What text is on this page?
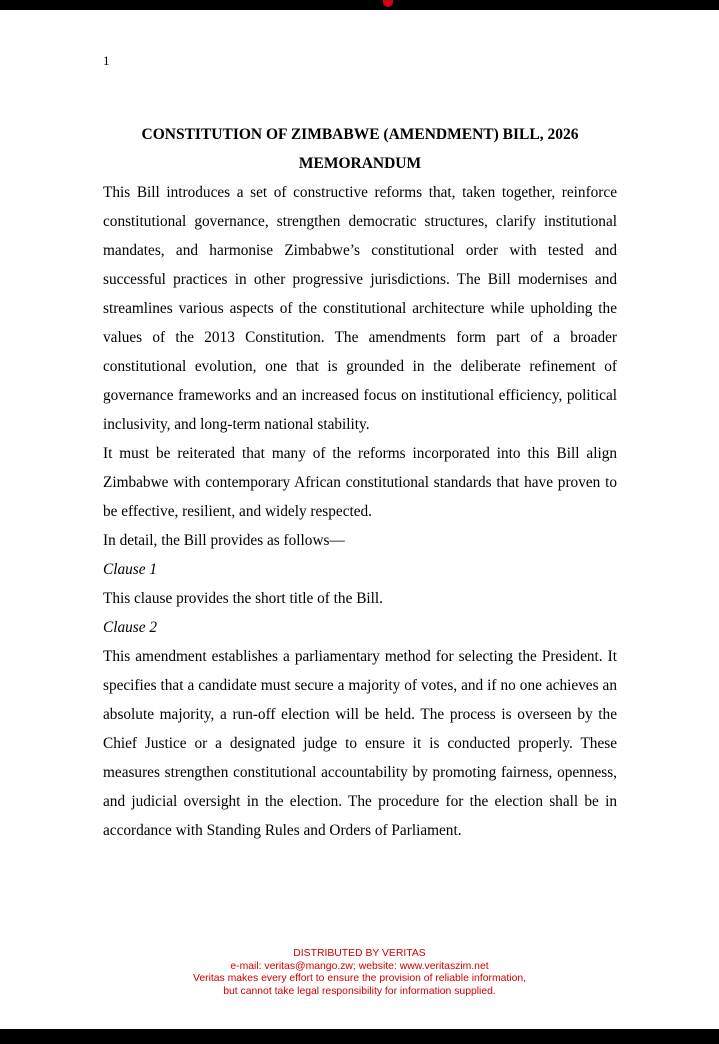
1

CONSTITUTION OF ZIMBABWE (AMENDMENT) BILL, 2026

MEMORANDUM

This Bill introduces a set of constructive reforms that, taken together, reinforce constitutional governance, strengthen democratic structures, clarify institutional mandates, and harmonise Zimbabwe’s constitutional order with tested and successful practices in other progressive jurisdictions. The Bill modernises and streamlines various aspects of the constitutional architecture while upholding the values of the 2013 Constitution. The amendments form part of a broader constitutional evolution, one that is grounded in the deliberate refinement of governance frameworks and an increased focus on institutional efficiency, political inclusivity, and long-term national stability.

It must be reiterated that many of the reforms incorporated into this Bill align Zimbabwe with contemporary African constitutional standards that have proven to be effective, resilient, and widely respected.

In detail, the Bill provides as follows—

Clause 1

This clause provides the short title of the Bill.

Clause 2

This amendment establishes a parliamentary method for selecting the President. It specifies that a candidate must secure a majority of votes, and if no one achieves an absolute majority, a run-off election will be held. The process is overseen by the Chief Justice or a designated judge to ensure it is conducted properly. These measures strengthen constitutional accountability by promoting fairness, openness, and judicial oversight in the election. The procedure for the election shall be in accordance with Standing Rules and Orders of Parliament.

DISTRIBUTED BY VERITAS
e-mail: veritas@mango.zw; website: www.veritaszim.net
Veritas makes every effort to ensure the provision of reliable information,
but cannot take legal responsibility for information supplied.
